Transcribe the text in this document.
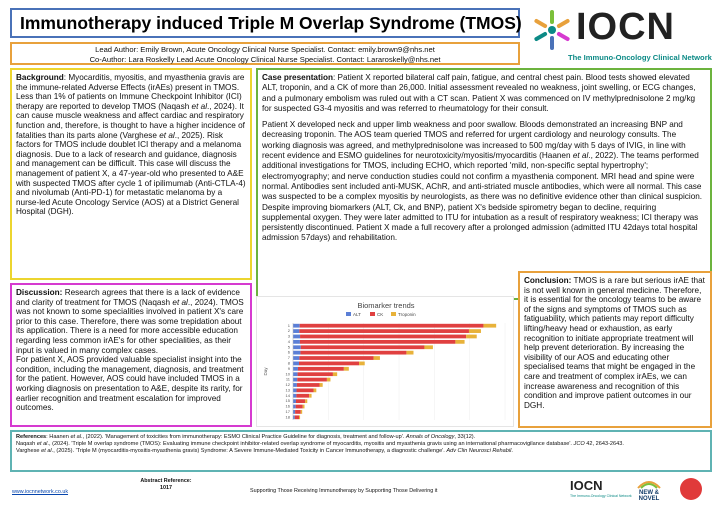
Immunotherapy induced Triple M Overlap Syndrome (TMOS)
Lead Author: Emily Brown, Acute Oncology Clinical Nurse Specialist. Contact: emily.brown9@nhs.net
Co-Author: Lara Roskelly Lead Acute Oncology Clinical Nurse Specialist. Contact: Lararoskelly@nhs.net
IOCN
The Immuno-Oncology Clinical Network
Background: Myocarditis, myositis, and myasthenia gravis are the immune-related Adverse Effects (irAEs) present in TMOS. Less than 1% of patients on Immune Checkpoint Inhibitor (ICI) therapy are reported to develop TMOS (Naqash et al., 2024). It can cause muscle weakness and affect cardiac and respiratory function and, therefore, is thought to have a higher incidence of fatalities than its parts alone (Varghese et al., 2025). Risk factors for TMOS include doublet ICI therapy and a melanoma diagnosis. Due to a lack of research and guidance, diagnosis and management can be difficult. This case will discuss the management of patient X, a 47-year-old who presented to A&E with suspected TMOS after cycle 1 of ipilimumab (Anti-CTLA-4) and nivolumab (Anti-PD-1) for metastatic melanoma by a nurse-led Acute Oncology Service (AOS) at a District General Hospital (DGH).

Case presentation: Patient X reported bilateral calf pain, fatigue, and central chest pain. Blood tests showed elevated ALT, troponin, and a CK of more than 26,000. Initial assessment revealed no weakness, joint swelling, or ECG changes, and a pulmonary embolism was ruled out with a CT scan. Patient X was commenced on IV methylprednisolone 2 mg/kg for suspected G3-4 myositis and was referred to rheumatology for their consult.

Patient X developed neck and upper limb weakness and poor swallow. Bloods demonstrated an increasing BNP and decreasing troponin. The AOS team queried TMOS and referred for urgent cardiology and neurology consults. The working diagnosis was agreed, and methylprednisolone was increased to 500 mg/day with 5 days of IVIG, in line with recent evidence and ESMO guidelines for neurotoxicity/myositis/myocarditis (Haanen et al., 2022). The teams performed additional investigations for TMOS, including ECHO, which reported 'mild, non-specific septal hypertrophy'; electromyography; and nerve conduction studies could not confirm a myasthenia component. MRI head and spine were normal. Antibodies sent included anti-MUSK, AChR, and anti-striated muscle antibodies, which were all normal. This case was suspected to be a complex myositis by neurologists, as there was no definitive evidence other than clinical suspicion. Despite improving biomarkers (ALT, Ck, and BNP), patient X's bedside spirometry began to decline, requiring supplemental oxygen. They were later admitted to ITU for intubation as a result of respiratory weakness; ICI therapy was persistently discontinued. Patient X made a full recovery after a prolonged admission (admitted ITU 42days total hospital admission 57days) and rehabilitation.

Discussion: Research agrees that there is a lack of evidence and clarity of treatment for TMOS (Naqash et al., 2024). TMOS was not known to some specialities involved in patient X's care prior to this case. Therefore, there was some trepidation about its application. There is a need for more accessible education regarding less common irAE's for other specialities, as their input is valued in many complex cases.
For patient X, AOS provided valuable specialist insight into the condition, including the management, diagnosis, and treatment for the patient. However, AOS could have included TMOS in a working diagnosis on presentation to A&E, despite its rarity, for earlier recognition and treatment escalation for improved outcomes.
Biomarker trends
ALT	CK	Troponin
Day
1
2
3
4
5
6
7
8
9
10
11
12
13
14
15
16
17
18
Conclusion: TMOS is a rare but serious irAE that is not well known in general medicine. Therefore, it is essential for the oncology teams to be aware of the signs and symptoms of TMOS such as fatiguability, which patients may report difficulty lifting/heavy head or exhaustion, as early recognition to initiate appropriate treatment will help prevent deterioration. By increasing the visibility of our AOS and educating other specialised teams that might be engaged in the care and treatment of complex irAEs, we can increase awareness and recognition of this condition and improve patient outcomes in our DGH.
References: Haanen et al., (2022). 'Management of toxicities from immunotherapy: ESMO Clinical Practice Guideline for diagnosis, treatment and follow-up'. Annals of Oncology, 33(12).
Naqash et al., (2024). 'Triple M overlap syndrome (TMOS): Evaluating immune checkpoint inhibitor-related overlap syndrome of myocarditis, myositis and myasthenia gravis using an international pharmacovigilance database'. JCO 42, 2643-2643.
Varghese et al., (2025). 'Triple M (myocarditis-myositis-myasthenia gravis) Syndrome: A Severe Immune-Mediated Toxicity in Cancer Immunotherapy, a diagnostic challenge'. Adv Clin Neurosci Rehabil.
www.iocnnetwork.co.uk
Abstract Reference:
1017	Supporting Those Receiving Immunotherapy by Supporting Those Delivering it	IOCN
The Immuno-Oncology Clinical Network	NEW & NOVEL
